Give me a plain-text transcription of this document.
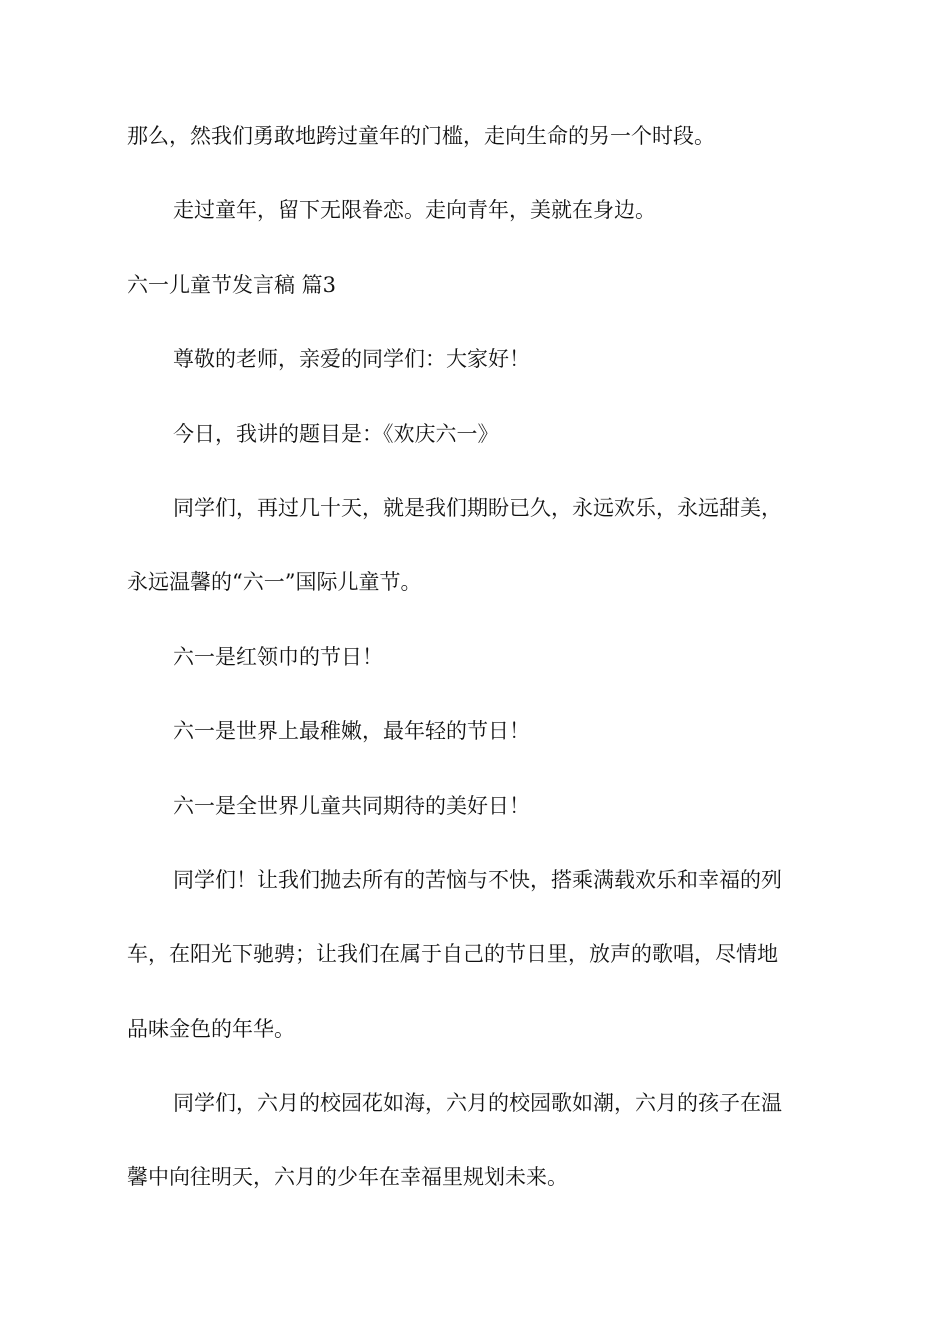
那么，然我们勇敢地跨过童年的门槛，走向生命的另一个时段。
走过童年，留下无限眷恋。走向青年，美就在身边。
六一儿童节发言稿 篇3
尊敬的老师，亲爱的同学们：大家好！
今日，我讲的题目是：《欢庆六一》
同学们，再过几十天，就是我们期盼已久，永远欢乐，永远甜美，
永远温馨的“六一”国际儿童节。
六一是红领巾的节日！
六一是世界上最稚嫩，最年轻的节日！
六一是全世界儿童共同期待的美好日！
同学们！让我们抛去所有的苦恼与不快，搭乘满载欢乐和幸福的列
车，在阳光下驰骋；让我们在属于自己的节日里，放声的歌唱，尽情地
品味金色的年华。
同学们，六月的校园花如海，六月的校园歌如潮，六月的孩子在温
馨中向往明天，六月的少年在幸福里规划未来。
